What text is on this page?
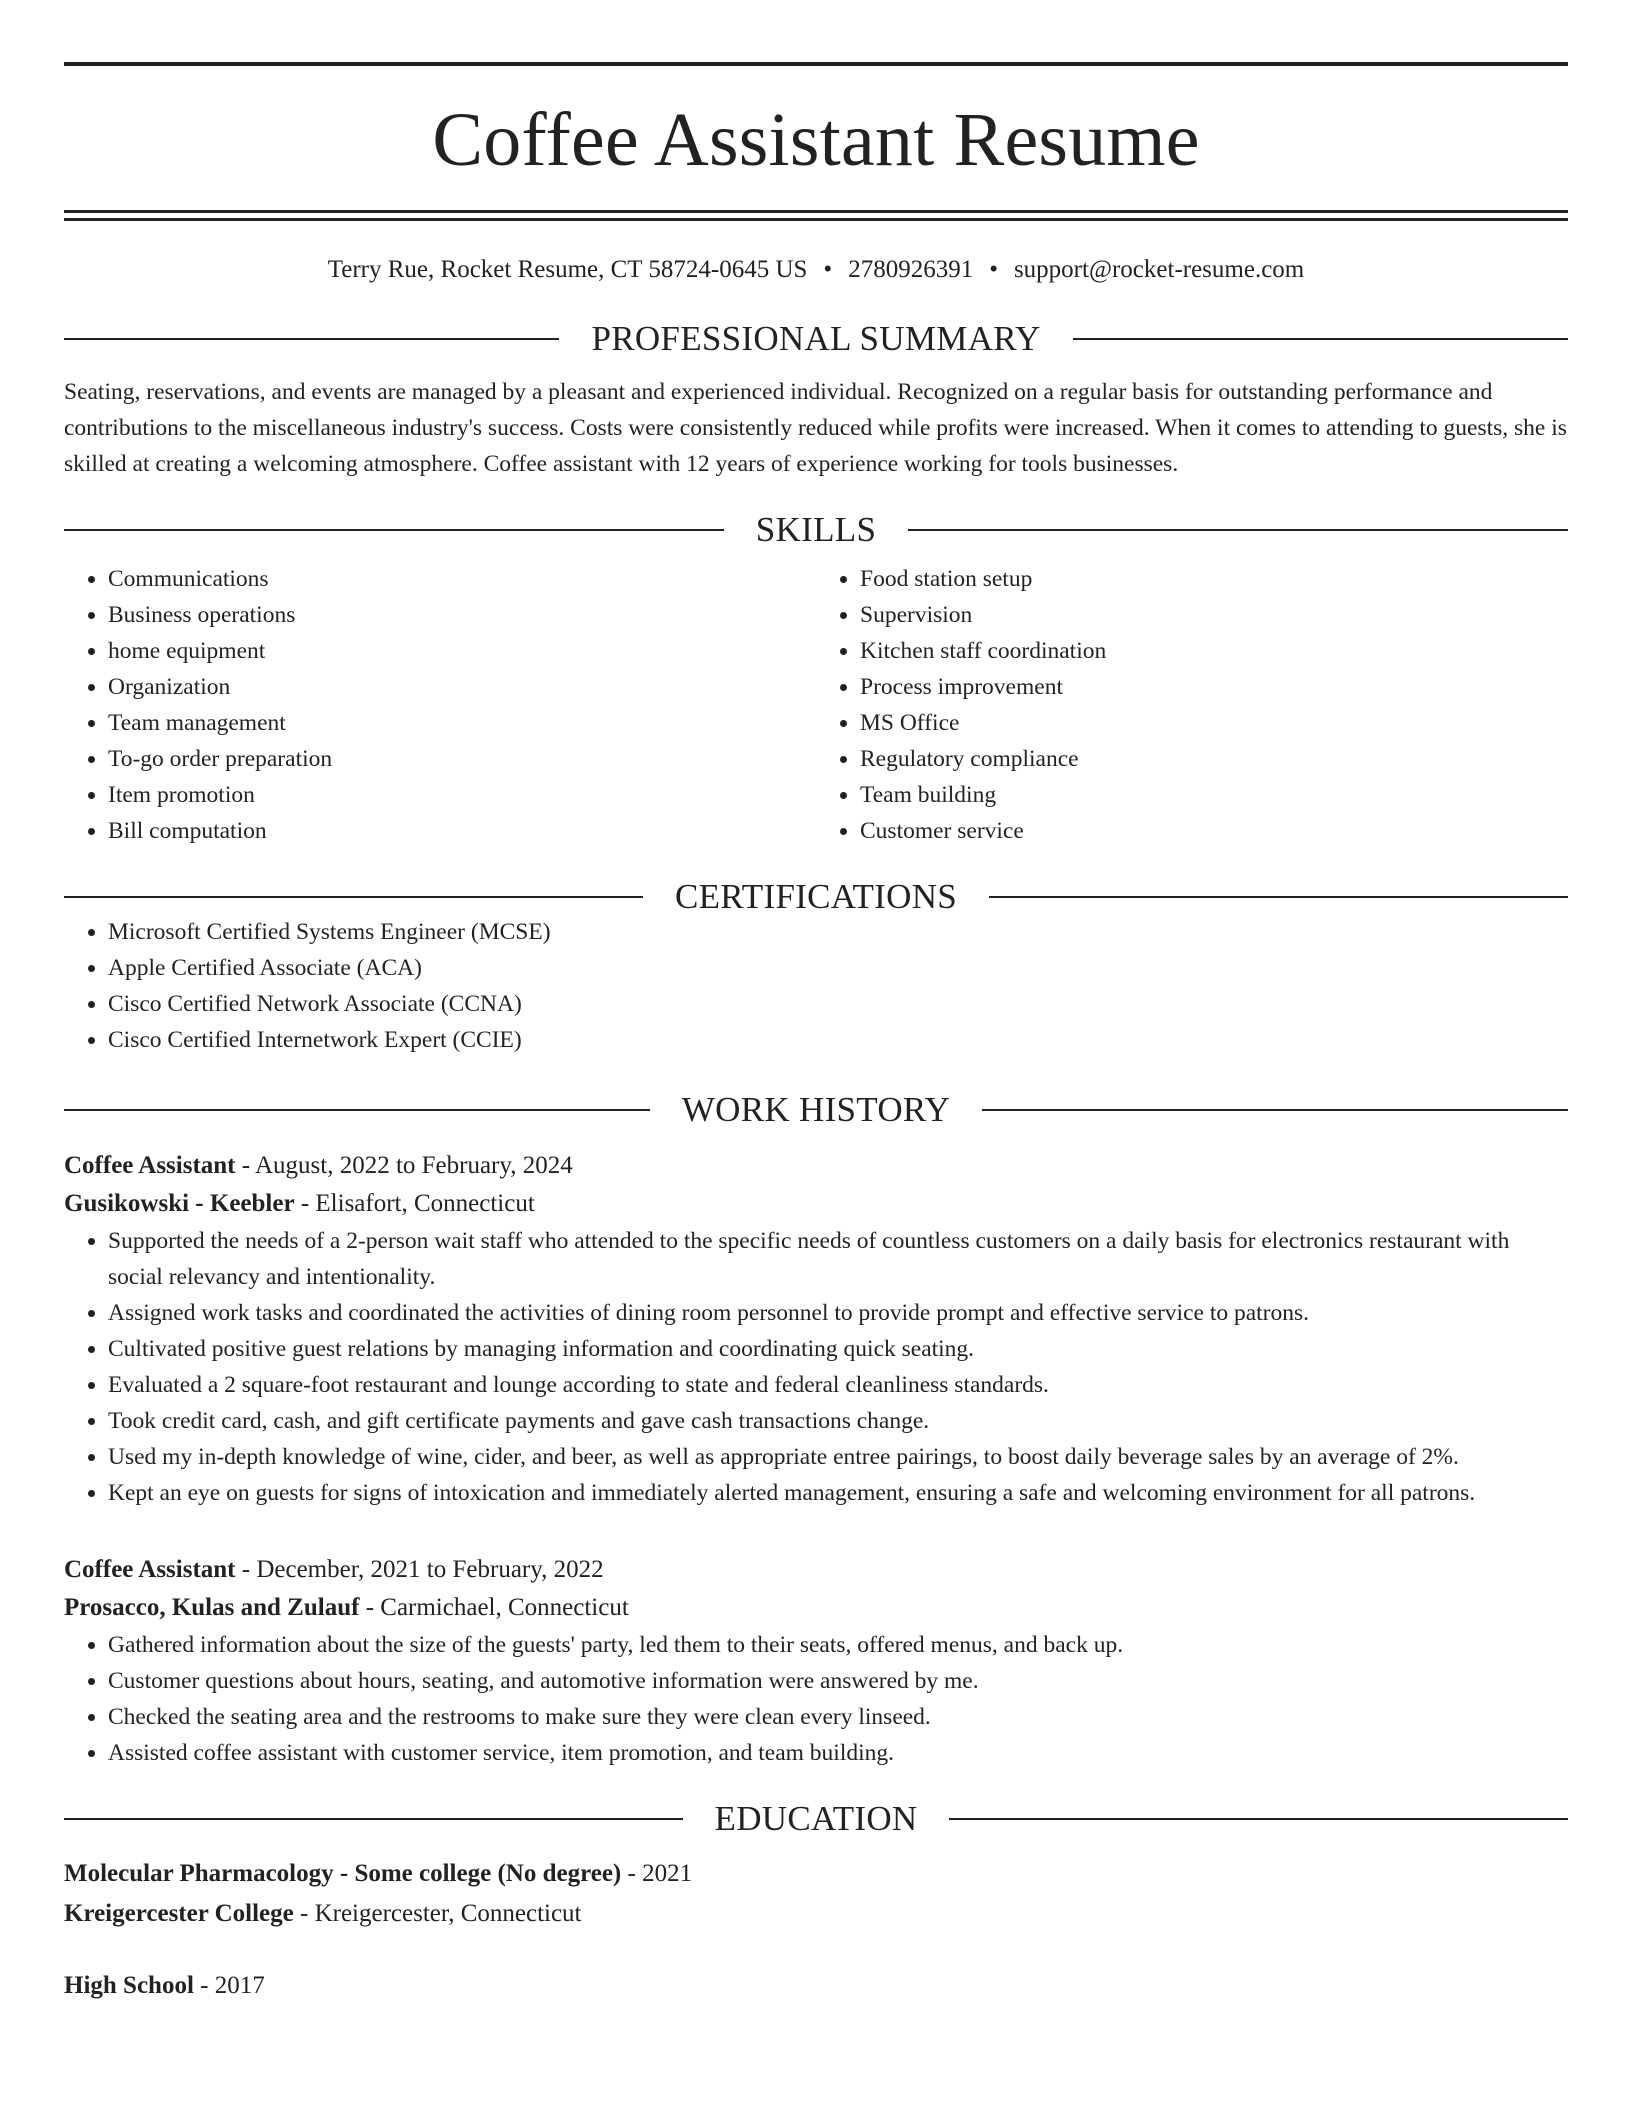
Coffee Assistant Resume
Terry Rue, Rocket Resume, CT 58724-0645 US • 2780926391 • support@rocket-resume.com
PROFESSIONAL SUMMARY

Seating, reservations, and events are managed by a pleasant and experienced individual. Recognized on a regular basis for outstanding performance and contributions to the miscellaneous industry's success. Costs were consistently reduced while profits were increased. When it comes to attending to guests, she is skilled at creating a welcoming atmosphere. Coffee assistant with 12 years of experience working for tools businesses.

SKILLS
• Communications
• Business operations
• home equipment
• Organization
• Team management
• To-go order preparation
• Item promotion
• Bill computation
• Food station setup
• Supervision
• Kitchen staff coordination
• Process improvement
• MS Office
• Regulatory compliance
• Team building
• Customer service
CERTIFICATIONS
• Microsoft Certified Systems Engineer (MCSE)
• Apple Certified Associate (ACA)
• Cisco Certified Network Associate (CCNA)
• Cisco Certified Internetwork Expert (CCIE)
WORK HISTORY
Coffee Assistant - August, 2022 to February, 2024
Gusikowski - Keebler - Elisafort, Connecticut
• Supported the needs of a 2-person wait staff who attended to the specific needs of countless customers on a daily basis for electronics restaurant with social relevancy and intentionality.
• Assigned work tasks and coordinated the activities of dining room personnel to provide prompt and effective service to patrons.
• Cultivated positive guest relations by managing information and coordinating quick seating.
• Evaluated a 2 square-foot restaurant and lounge according to state and federal cleanliness standards.
• Took credit card, cash, and gift certificate payments and gave cash transactions change.
• Used my in-depth knowledge of wine, cider, and beer, as well as appropriate entree pairings, to boost daily beverage sales by an average of 2%.
• Kept an eye on guests for signs of intoxication and immediately alerted management, ensuring a safe and welcoming environment for all patrons.
Coffee Assistant - December, 2021 to February, 2022
Prosacco, Kulas and Zulauf - Carmichael, Connecticut
• Gathered information about the size of the guests' party, led them to their seats, offered menus, and back up.
• Customer questions about hours, seating, and automotive information were answered by me.
• Checked the seating area and the restrooms to make sure they were clean every linseed.
• Assisted coffee assistant with customer service, item promotion, and team building.
EDUCATION
Molecular Pharmacology - Some college (No degree) - 2021
Kreigercester College - Kreigercester, Connecticut
High School - 2017
